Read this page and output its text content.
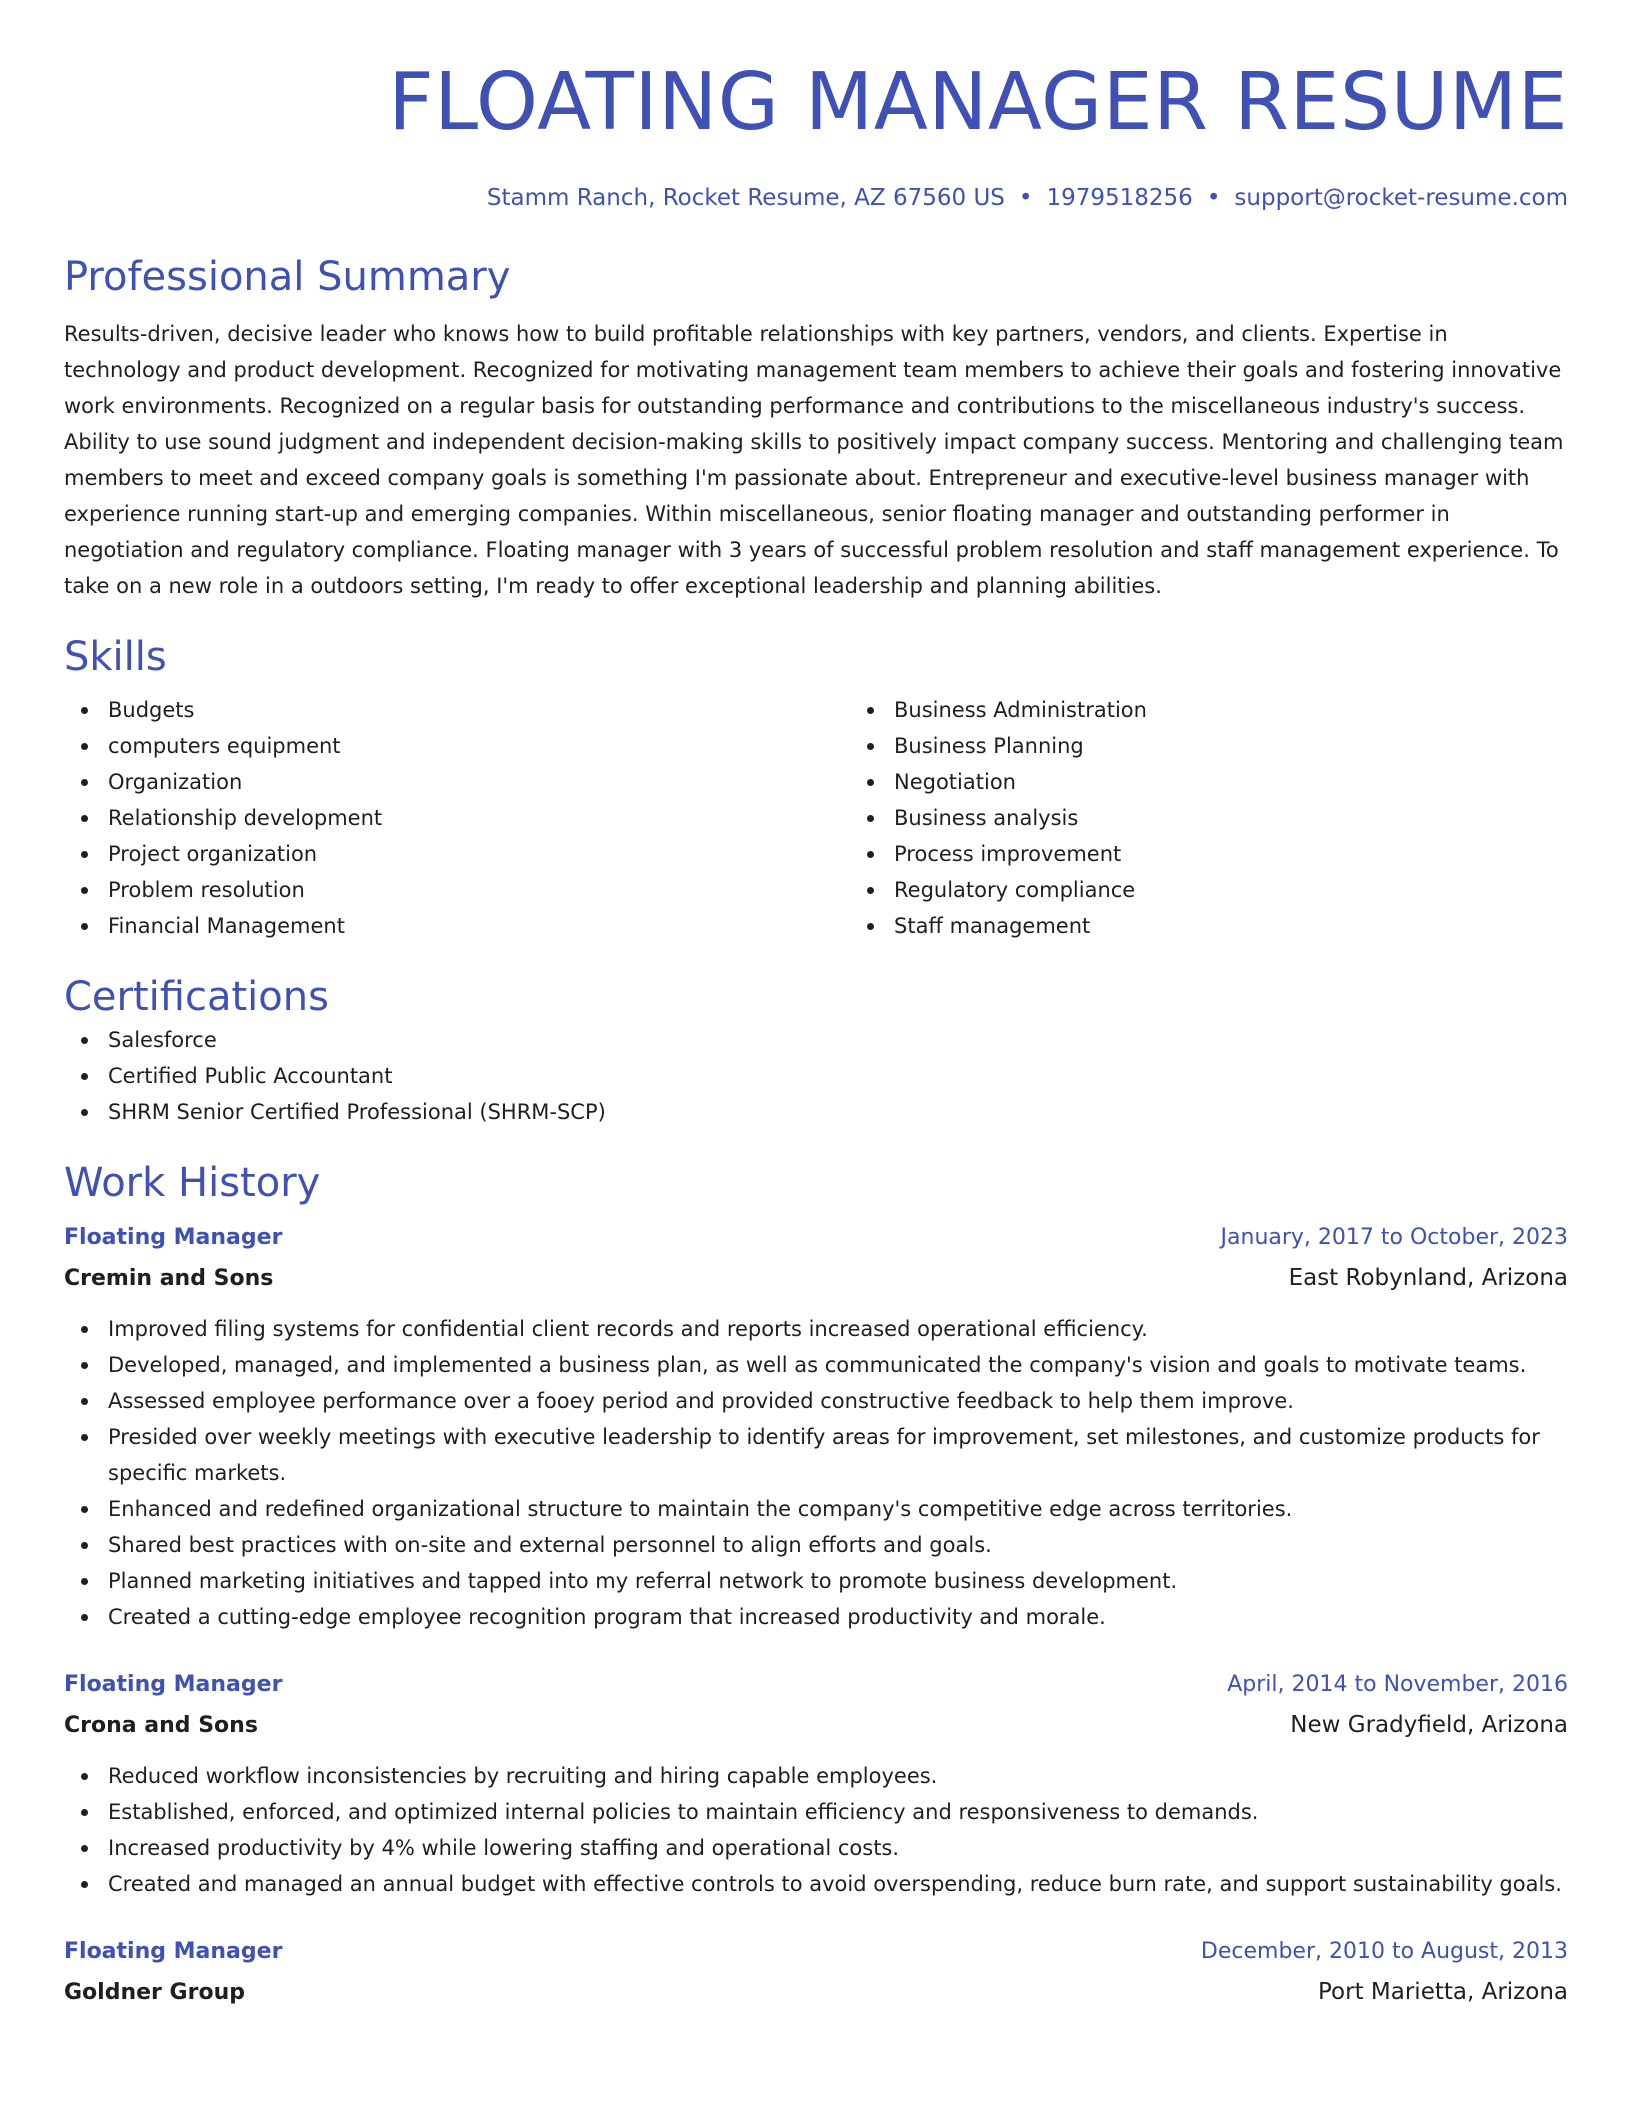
FLOATING MANAGER RESUME
Stamm Ranch, Rocket Resume, AZ 67560 US • 1979518256 • support@rocket-resume.com
Professional Summary

Results-driven, decisive leader who knows how to build profitable relationships with key partners, vendors, and clients. Expertise in technology and product development. Recognized for motivating management team members to achieve their goals and fostering innovative work environments. Recognized on a regular basis for outstanding performance and contributions to the miscellaneous industry's success. Ability to use sound judgment and independent decision-making skills to positively impact company success. Mentoring and challenging team members to meet and exceed company goals is something I'm passionate about. Entrepreneur and executive-level business manager with experience running start-up and emerging companies. Within miscellaneous, senior floating manager and outstanding performer in negotiation and regulatory compliance. Floating manager with 3 years of successful problem resolution and staff management experience. To take on a new role in a outdoors setting, I'm ready to offer exceptional leadership and planning abilities.

Skills
Budgets
computers equipment
Organization
Relationship development
Project organization
Problem resolution
Financial Management
Business Administration
Business Planning
Negotiation
Business analysis
Process improvement
Regulatory compliance
Staff management
Certifications
Salesforce
Certified Public Accountant
SHRM Senior Certified Professional (SHRM-SCP)
Work History
Floating Manager	January, 2017 to October, 2023
Cremin and Sons	East Robynland, Arizona
Improved filing systems for confidential client records and reports increased operational efficiency.
Developed, managed, and implemented a business plan, as well as communicated the company's vision and goals to motivate teams.
Assessed employee performance over a fooey period and provided constructive feedback to help them improve.
Presided over weekly meetings with executive leadership to identify areas for improvement, set milestones, and customize products for specific markets.
Enhanced and redefined organizational structure to maintain the company's competitive edge across territories.
Shared best practices with on-site and external personnel to align efforts and goals.
Planned marketing initiatives and tapped into my referral network to promote business development.
Created a cutting-edge employee recognition program that increased productivity and morale.
Floating Manager	April, 2014 to November, 2016
Crona and Sons	New Gradyfield, Arizona
Reduced workflow inconsistencies by recruiting and hiring capable employees.
Established, enforced, and optimized internal policies to maintain efficiency and responsiveness to demands.
Increased productivity by 4% while lowering staffing and operational costs.
Created and managed an annual budget with effective controls to avoid overspending, reduce burn rate, and support sustainability goals.
Floating Manager	December, 2010 to August, 2013
Goldner Group	Port Marietta, Arizona
